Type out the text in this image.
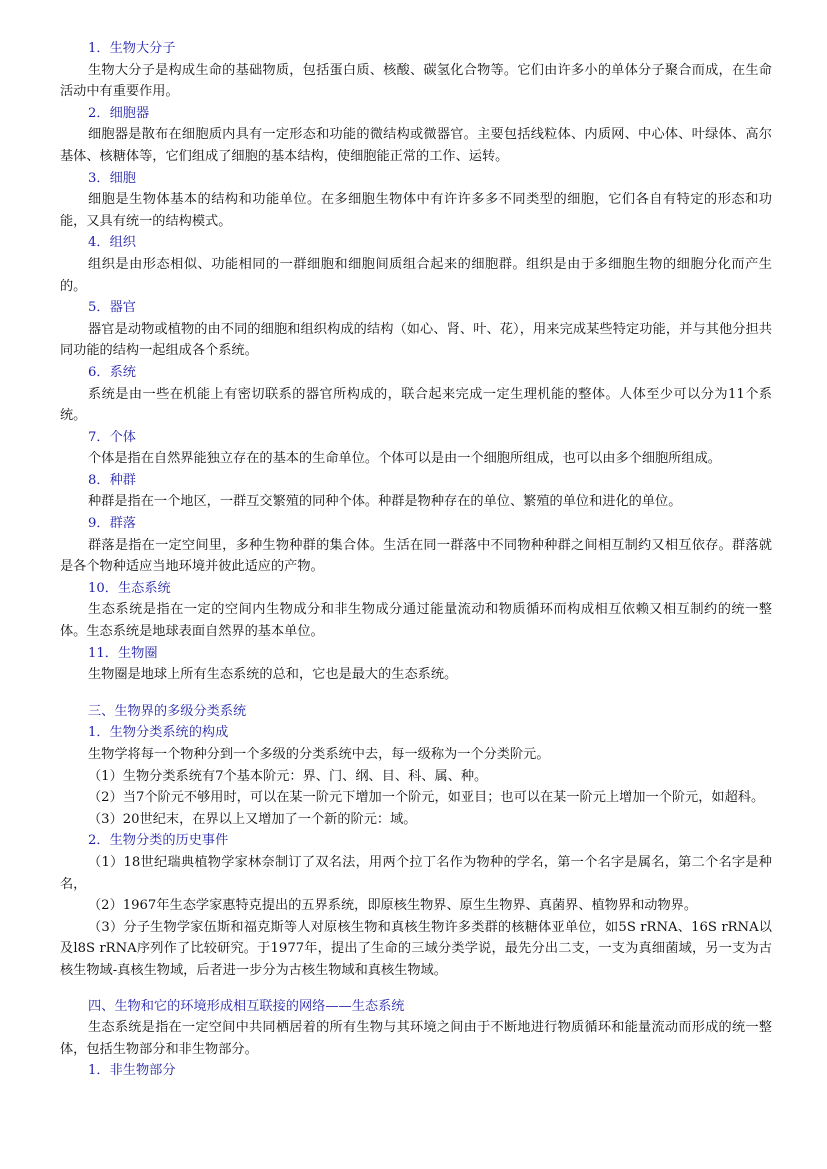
1．生物大分子

生物大分子是构成生命的基础物质，包括蛋白质、核酸、碳氢化合物等。它们由许多小的单体分子聚合而成，在生命活动中有重要作用。

2．细胞器

细胞器是散布在细胞质内具有一定形态和功能的微结构或微器官。主要包括线粒体、内质网、中心体、叶绿体、高尔基体、核糖体等，它们组成了细胞的基本结构，使细胞能正常的工作、运转。

3．细胞

细胞是生物体基本的结构和功能单位。在多细胞生物体中有许许多多不同类型的细胞，它们各自有特定的形态和功能，又具有统一的结构模式。

4．组织

组织是由形态相似、功能相同的一群细胞和细胞间质组合起来的细胞群。组织是由于多细胞生物的细胞分化而产生的。

5．器官

器官是动物或植物的由不同的细胞和组织构成的结构（如心、肾、叶、花），用来完成某些特定功能，并与其他分担共同功能的结构一起组成各个系统。

6．系统

系统是由一些在机能上有密切联系的器官所构成的，联合起来完成一定生理机能的整体。人体至少可以分为11个系统。

7．个体

个体是指在自然界能独立存在的基本的生命单位。个体可以是由一个细胞所组成，也可以由多个细胞所组成。

8．种群

种群是指在一个地区，一群互交繁殖的同种个体。种群是物种存在的单位、繁殖的单位和进化的单位。

9．群落

群落是指在一定空间里，多种生物种群的集合体。生活在同一群落中不同物种种群之间相互制约又相互依存。群落就是各个物种适应当地环境并彼此适应的产物。

10．生态系统

生态系统是指在一定的空间内生物成分和非生物成分通过能量流动和物质循环而构成相互依赖又相互制约的统一整体。生态系统是地球表面自然界的基本单位。

11．生物圈

生物圈是地球上所有生态系统的总和，它也是最大的生态系统。

三、生物界的多级分类系统

1．生物分类系统的构成

生物学将每一个物种分到一个多级的分类系统中去，每一级称为一个分类阶元。

（1）生物分类系统有7个基本阶元：界、门、纲、目、科、属、种。

（2）当7个阶元不够用时，可以在某一阶元下增加一个阶元，如亚目；也可以在某一阶元上增加一个阶元，如超科。

（3）20世纪末，在界以上又增加了一个新的阶元：域。

2．生物分类的历史事件

（1）18世纪瑞典植物学家林奈制订了双名法，用两个拉丁名作为物种的学名，第一个名字是属名，第二个名字是种名，

（2）1967年生态学家惠特克提出的五界系统，即原核生物界、原生生物界、真菌界、植物界和动物界。

（3）分子生物学家伍斯和福克斯等人对原核生物和真核生物许多类群的核糖体亚单位，如5S rRNA、16S rRNA以及l8S rRNA序列作了比较研究。于1977年，提出了生命的三域分类学说，最先分出二支，一支为真细菌域，另一支为古核生物域-真核生物域，后者进一步分为古核生物域和真核生物域。

四、生物和它的环境形成相互联接的网络——生态系统

生态系统是指在一定空间中共同栖居着的所有生物与其环境之间由于不断地进行物质循环和能量流动而形成的统一整体，包括生物部分和非生物部分。

1．非生物部分
